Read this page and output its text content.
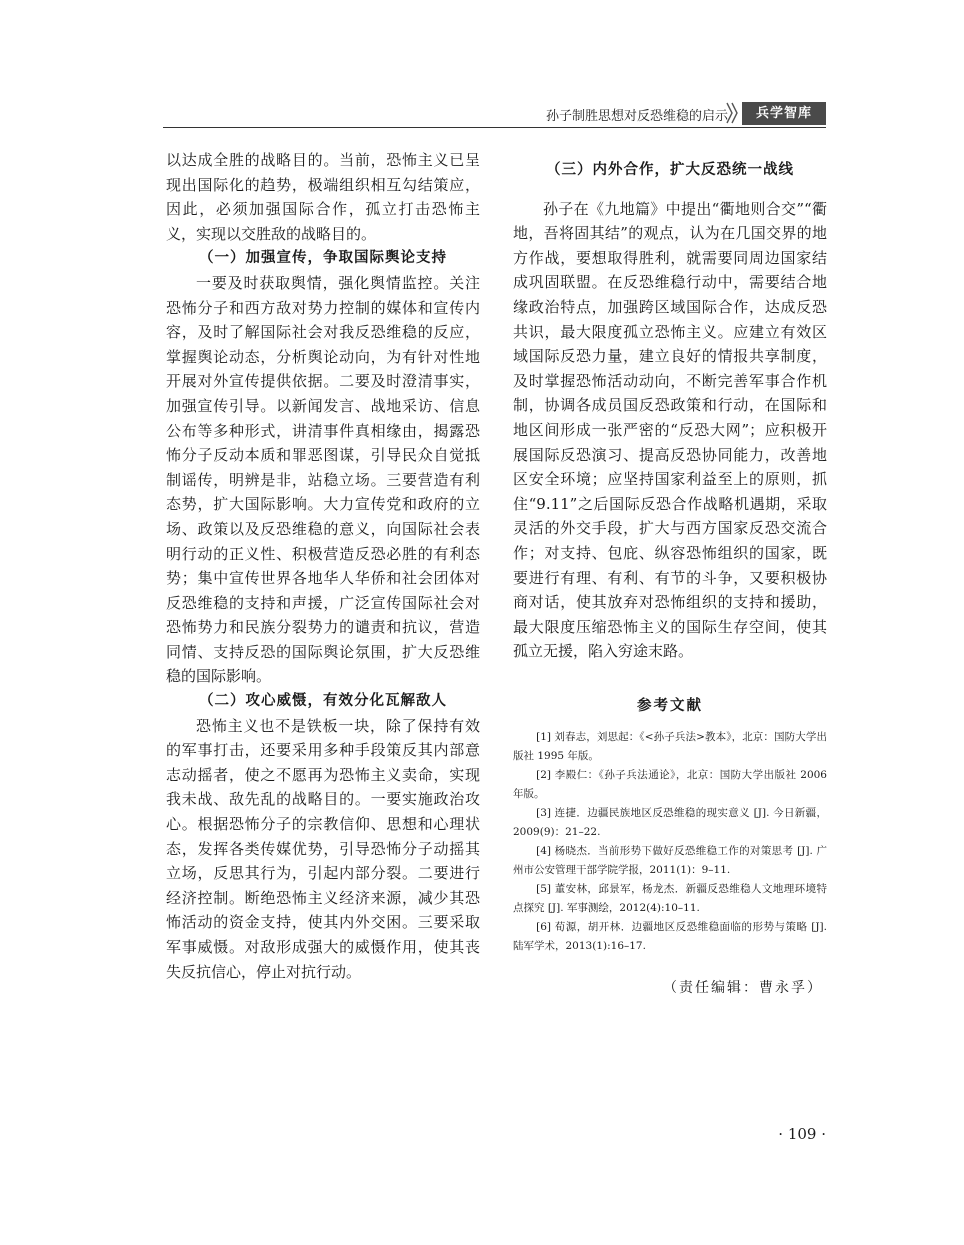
孙子制胜思想对反恐维稳的启示	兵学智库

以达成全胜的战略目的。当前，恐怖主义已呈现出国际化的趋势，极端组织相互勾结策应，因此，必须加强国际合作，孤立打击恐怖主义，实现以交胜敌的战略目的。

（一）加强宣传，争取国际舆论支持

一要及时获取舆情，强化舆情监控。关注恐怖分子和西方敌对势力控制的媒体和宣传内容，及时了解国际社会对我反恐维稳的反应，掌握舆论动态，分析舆论动向，为有针对性地开展对外宣传提供依据。二要及时澄清事实，加强宣传引导。以新闻发言、战地采访、信息公布等多种形式，讲清事件真相缘由，揭露恐怖分子反动本质和罪恶图谋，引导民众自觉抵制谣传，明辨是非，站稳立场。三要营造有利态势，扩大国际影响。大力宣传党和政府的立场、政策以及反恐维稳的意义，向国际社会表明行动的正义性、积极营造反恐必胜的有利态势；集中宣传世界各地华人华侨和社会团体对反恐维稳的支持和声援，广泛宣传国际社会对恐怖势力和民族分裂势力的谴责和抗议，营造同情、支持反恐的国际舆论氛围，扩大反恐维稳的国际影响。

（二）攻心威慑，有效分化瓦解敌人

恐怖主义也不是铁板一块，除了保持有效的军事打击，还要采用多种手段策反其内部意志动摇者，使之不愿再为恐怖主义卖命，实现我未战、敌先乱的战略目的。一要实施政治攻心。根据恐怖分子的宗教信仰、思想和心理状态，发挥各类传媒优势，引导恐怖分子动摇其立场，反思其行为，引起内部分裂。二要进行经济控制。断绝恐怖主义经济来源，减少其恐怖活动的资金支持，使其内外交困。三要采取军事威慑。对敌形成强大的威慑作用，使其丧失反抗信心，停止对抗行动。

（三）内外合作，扩大反恐统一战线

孙子在《九地篇》中提出“衢地则合交”“衢地，吾将固其结”的观点，认为在几国交界的地方作战，要想取得胜利，就需要同周边国家结成巩固联盟。在反恐维稳行动中，需要结合地缘政治特点，加强跨区域国际合作，达成反恐共识，最大限度孤立恐怖主义。应建立有效区域国际反恐力量，建立良好的情报共享制度，及时掌握恐怖活动动向，不断完善军事合作机制，协调各成员国反恐政策和行动，在国际和地区间形成一张严密的“反恐大网”；应积极开展国际反恐演习、提高反恐协同能力，改善地区安全环境；应坚持国家利益至上的原则，抓住“9.11”之后国际反恐合作战略机遇期，采取灵活的外交手段，扩大与西方国家反恐交流合作；对支持、包庇、纵容恐怖组织的国家，既要进行有理、有利、有节的斗争，又要积极协商对话，使其放弃对恐怖组织的支持和援助，最大限度压缩恐怖主义的国际生存空间，使其孤立无援，陷入穷途末路。

参考文献

[1] 刘春志，刘思起：《<孙子兵法>教本》，北京：国防大学出版社 1995 年版。

[2] 李殿仁：《孙子兵法通论》，北京：国防大学出版社 2006 年版。

[3] 连捷．边疆民族地区反恐维稳的现实意义 [J]. 今日新疆，2009(9)：21–22.

[4] 杨晓杰．当前形势下做好反恐维稳工作的对策思考 [J]. 广州市公安管理干部学院学报，2011(1)：9–11.

[5] 董安林，邱景军，杨龙杰．新疆反恐维稳人文地理环境特点探究 [J]. 军事测绘，2012(4):10–11.

[6] 荀源，胡开林．边疆地区反恐维稳面临的形势与策略 [J]. 陆军学术，2013(1):16–17.

（责任编辑：曹永孚）
· 109 ·
